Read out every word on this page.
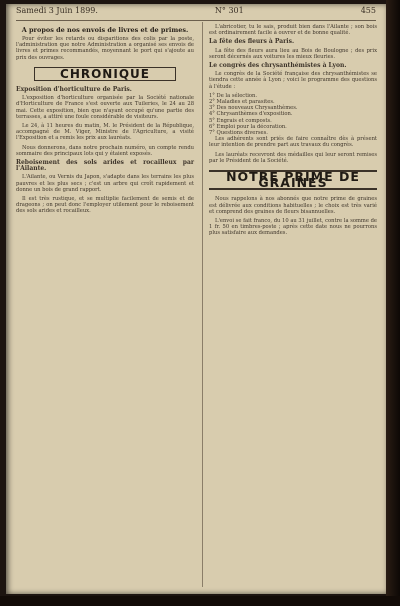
Samedi 3 Juin 1899.	N° 301	455
A propos de nos envois de livres et de primes.
Pour éviter les retards ou disparitions des colis par la poste, l'administration que notre Administration a organisé ses envois de livres et primes recommandés, moyennant le port qui s'ajoute au prix des ouvrages.
CHRONIQUE
Exposition d'horticulture de Paris.
L'exposition d'horticulture organisée par la Société nationale d'Horticulture de France s'est ouverte aux Tuileries, le 24 au 28 mai. Cette exposition, bien que n'ayant occupé qu'une partie des terrasses, a attiré une foule considérable de visiteurs.
Le 24, à 11 heures du matin, M. le Président de la République, accompagné de M. Viger, Ministre de l'Agriculture, a visité l'Exposition et a remis les prix aux lauréats.
Nous donnerons, dans notre prochain numéro, un compte rendu sommaire des principaux lots qui y étaient exposés.
Reboisement des sols arides et rocailleux par l'Ailante.
L'Ailante, ou Vernis du Japon, s'adapte dans les terrains les plus pauvres et les plus secs ; c'est un arbre qui croît rapidement et donne un bois de grand rapport.
Il est très rustique, et se multiplie facilement de semis et de drageons ; on peut donc l'employer utilement pour le reboisement des sols arides et rocailleux.
L'abricotier, tu le sais, produit bien dans l'Ailante ; son bois est ordinairement facile à ouvrer et de bonne qualité.
La fête des fleurs à Paris.
La fête des fleurs aura lieu au Bois de Boulogne ; des prix seront décernés aux voitures les mieux fleuries.
Le congrès des chrysanthémistes à Lyon.
Le congrès de la Société française des chrysanthémistes se tiendra cette année à Lyon ; voici le programme des questions à l'étude :
1° De la sélection.
2° Maladies et parasites.
3° Des nouveaux Chrysanthèmes.
4° Chrysanthèmes d'exposition.
5° Engrais et composts.
6° Emploi pour la décoration.
7° Questions diverses.
Les adhérents sont priés de faire connaître dès à présent leur intention de prendre part aux travaux du congrès.
Les lauréats recevront des médailles qui leur seront remises par le Président de la Société.
NOTRE PRIME DE GRAINES
Nous rappelons à nos abonnés que notre prime de graines est délivrée aux conditions habituelles ; le choix est très varié et comprend des graines de fleurs bisannuelles.
L'envoi se fait franco, du 10 au 31 juillet, contre la somme de 1 fr. 50 en timbres-poste ; après cette date nous ne pourrons plus satisfaire aux demandes.
